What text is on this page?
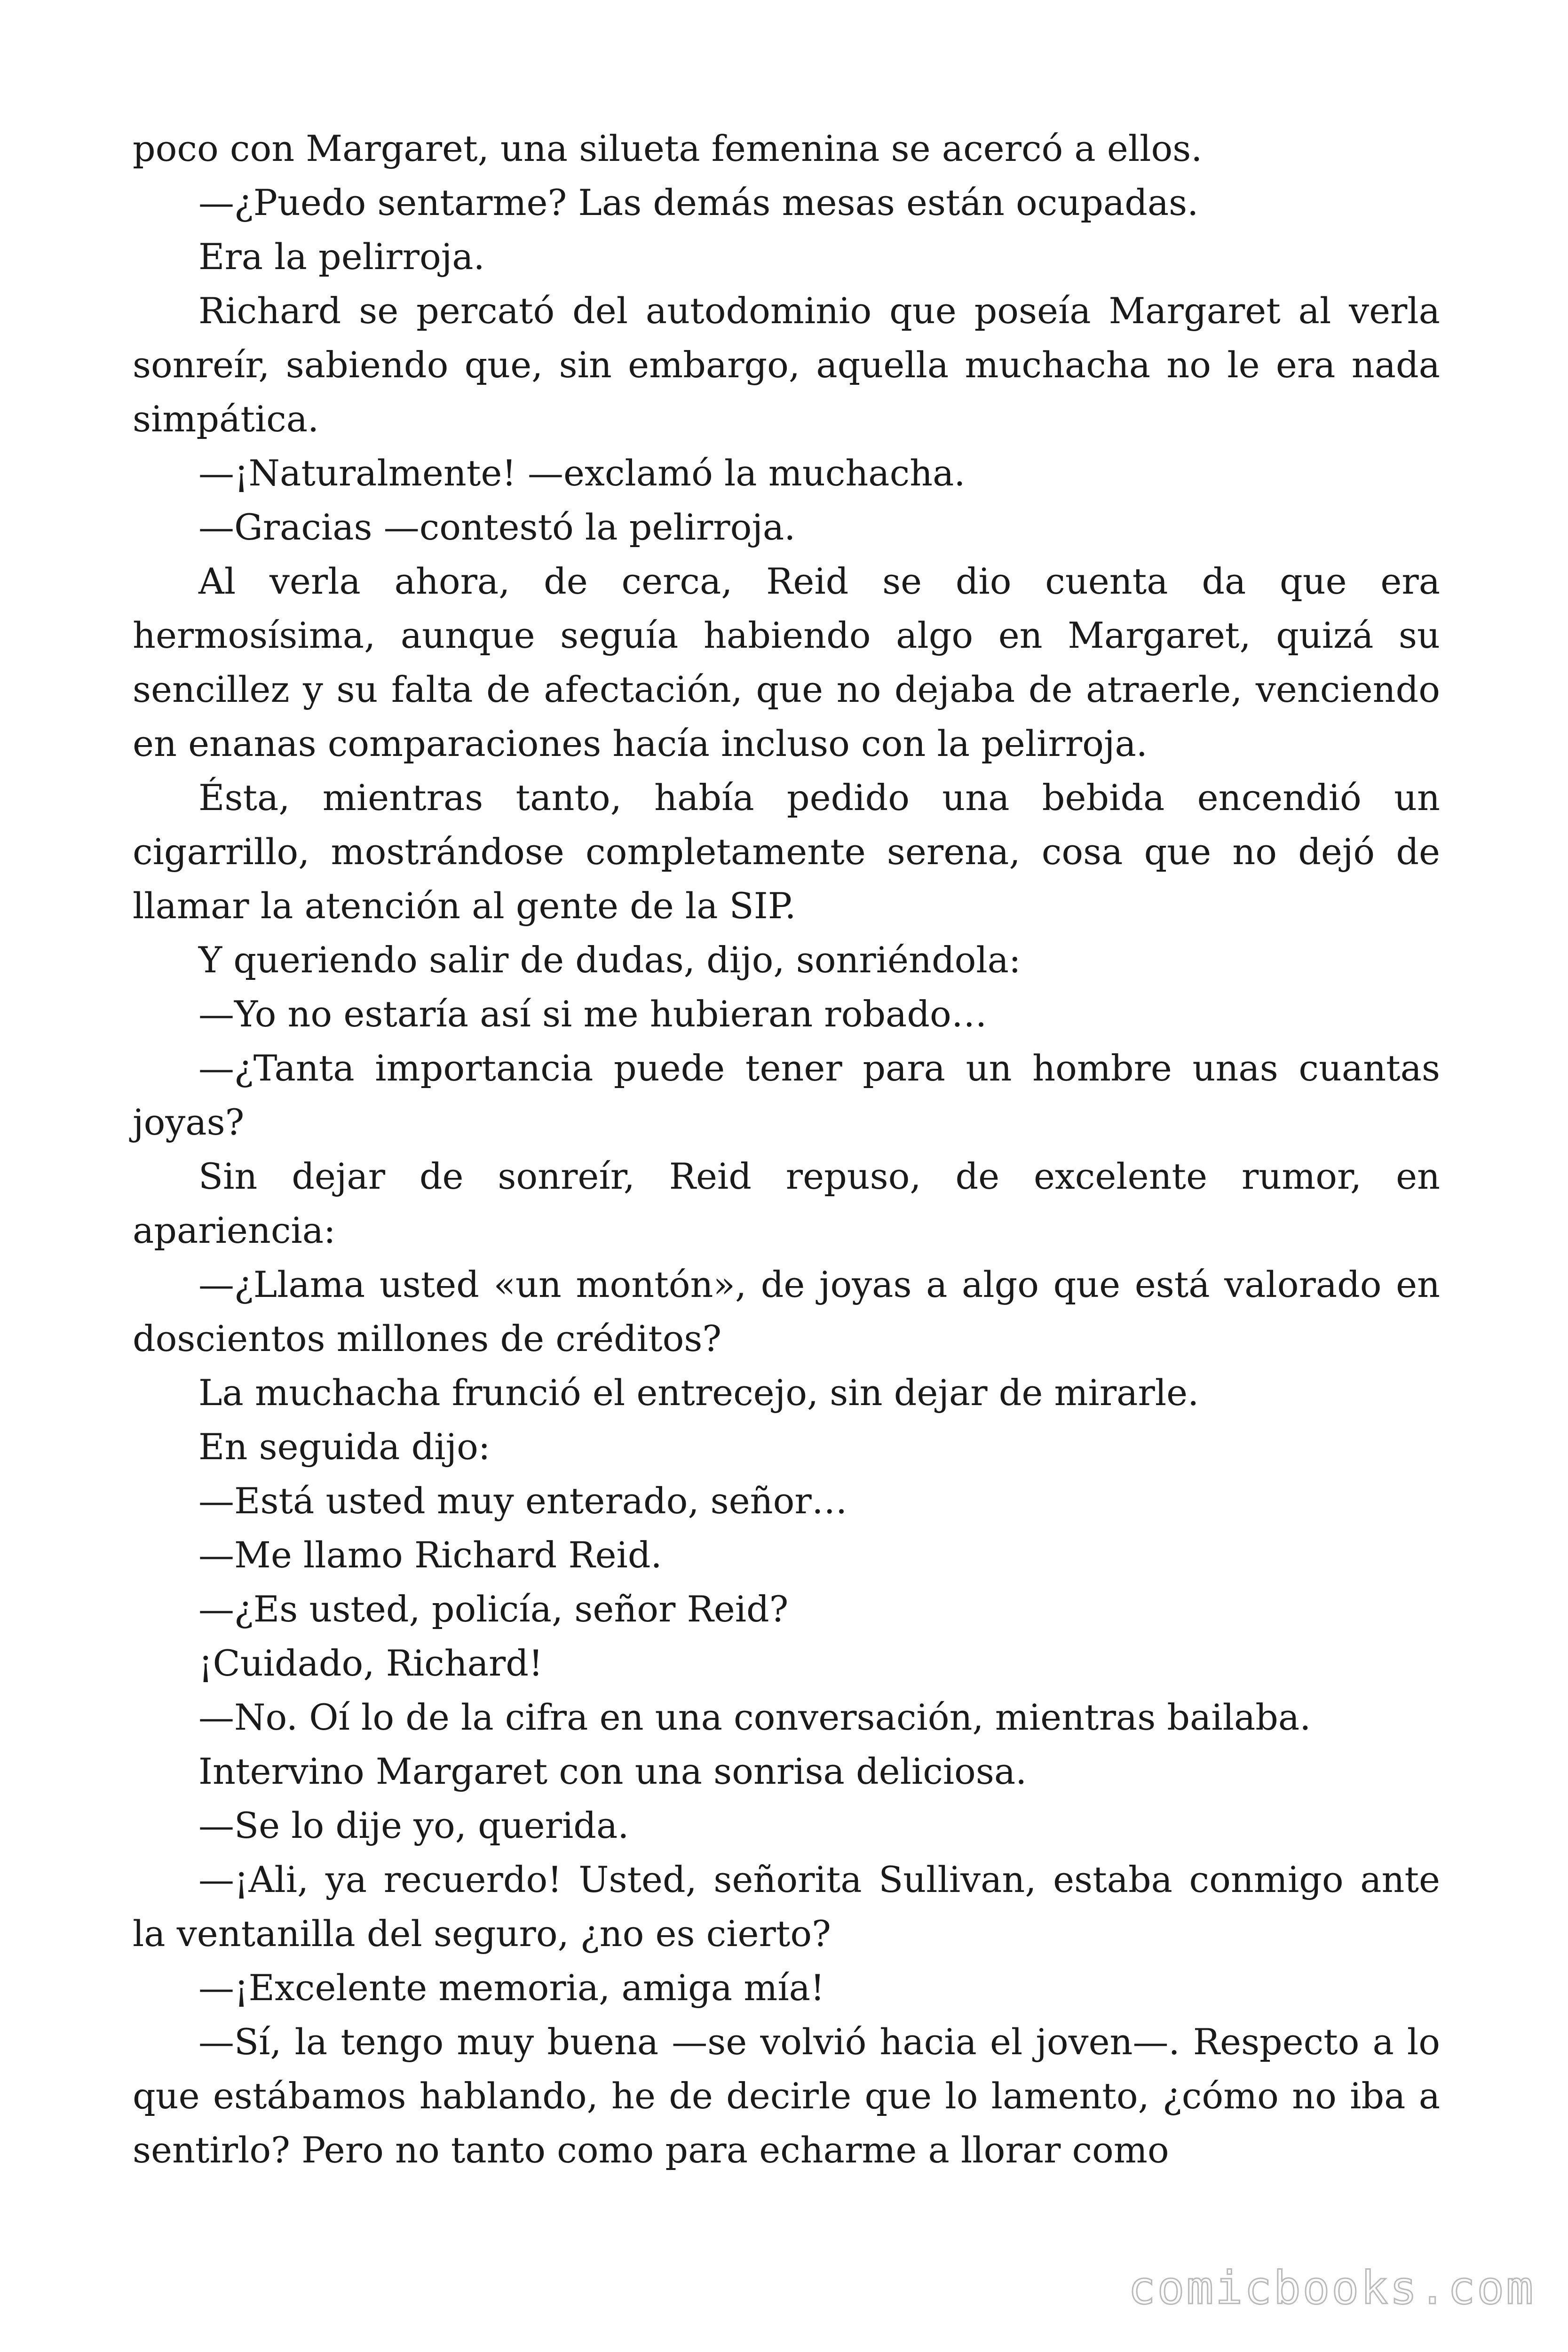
poco con Margaret, una silueta femenina se acercó a ellos.

—¿Puedo sentarme? Las demás mesas están ocupadas.

Era la pelirroja.

Richard se percató del autodominio que poseía Margaret al verla sonreír, sabiendo que, sin embargo, aquella muchacha no le era nada simpática.

—¡Naturalmente! —exclamó la muchacha.

—Gracias —contestó la pelirroja.

Al verla ahora, de cerca, Reid se dio cuenta da que era hermosísima, aunque seguía habiendo algo en Margaret, quizá su sencillez y su falta de afectación, que no dejaba de atraerle, venciendo en enanas comparaciones hacía incluso con la pelirroja.

Ésta, mientras tanto, había pedido una bebida encendió un cigarrillo, mostrándose completamente serena, cosa que no dejó de llamar la atención al gente de la SIP.

Y queriendo salir de dudas, dijo, sonriéndola:

—Yo no estaría así si me hubieran robado…

—¿Tanta importancia puede tener para un hombre unas cuantas joyas?

Sin dejar de sonreír, Reid repuso, de excelente rumor, en apariencia:

—¿Llama usted «un montón», de joyas a algo que está valorado en doscientos millones de créditos?

La muchacha frunció el entrecejo, sin dejar de mirarle.

En seguida dijo:

—Está usted muy enterado, señor…

—Me llamo Richard Reid.

—¿Es usted, policía, señor Reid?

¡Cuidado, Richard!

—No. Oí lo de la cifra en una conversación, mientras bailaba.

Intervino Margaret con una sonrisa deliciosa.

—Se lo dije yo, querida.

—¡Ali, ya recuerdo! Usted, señorita Sullivan, estaba conmigo ante la ventanilla del seguro, ¿no es cierto?

—¡Excelente memoria, amiga mía!

—Sí, la tengo muy buena —se volvió hacia el joven—. Respecto a lo que estábamos hablando, he de decirle que lo lamento, ¿cómo no iba a sentirlo? Pero no tanto como para echarme a llorar como

comicbooks.com
